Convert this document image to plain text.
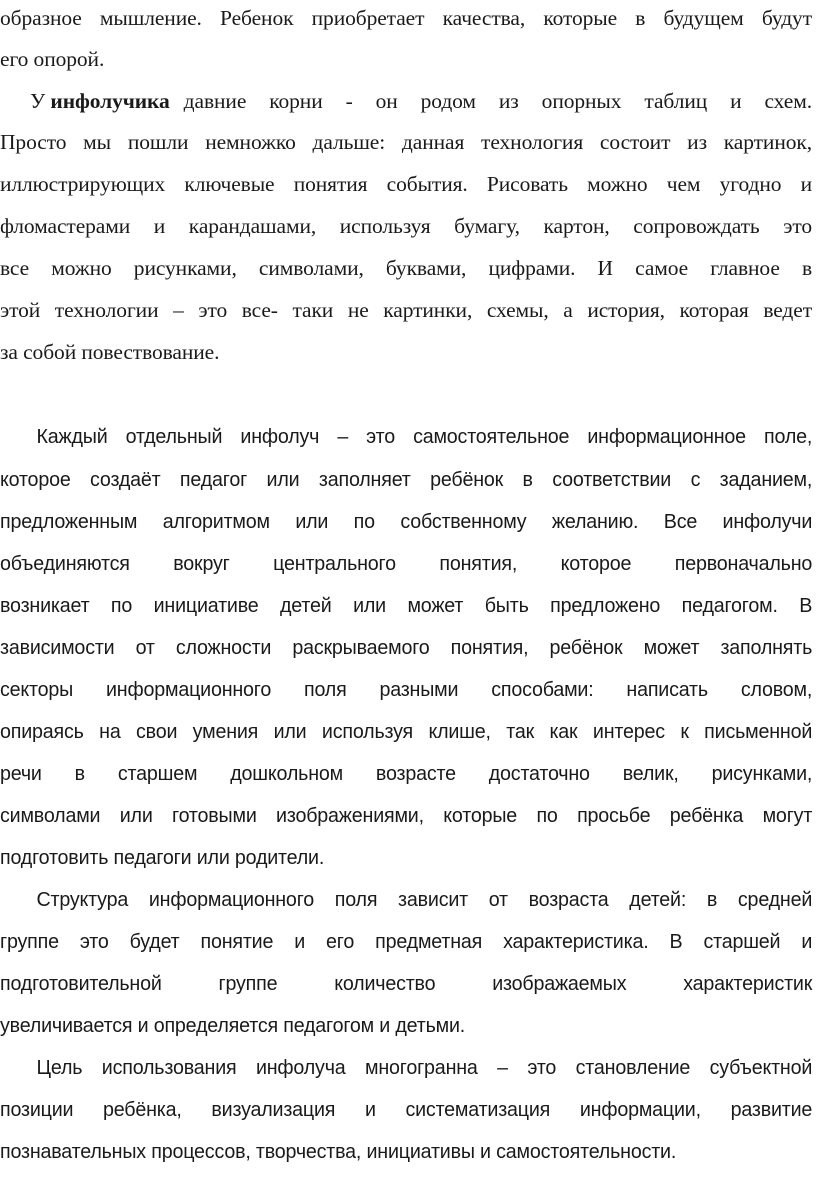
образное мышление. Ребенок приобретает качества, которые в будущем будут
его опорой.
У инфолучика давние корни - он родом из опорных таблиц и схем.
Просто мы пошли немножко дальше: данная технология состоит из картинок,
иллюстрирующих ключевые понятия события. Рисовать можно чем угодно и
фломастерами и карандашами, используя бумагу, картон, сопровождать это
все можно рисунками, символами, буквами, цифрами. И самое главное в
этой технологии – это все- таки не картинки, схемы, а история, которая ведет
за собой повествование.
Каждый отдельный инфолуч – это самостоятельное информационное поле,
которое создаёт педагог или заполняет ребёнок в соответствии с заданием,
предложенным алгоритмом или по собственному желанию. Все инфолучи
объединяются вокруг центрального понятия, которое первоначально
возникает по инициативе детей или может быть предложено педагогом. В
зависимости от сложности раскрываемого понятия, ребёнок может заполнять
секторы информационного поля разными способами: написать словом,
опираясь на свои умения или используя клише, так как интерес к письменной
речи в старшем дошкольном возрасте достаточно велик, рисунками,
символами или готовыми изображениями, которые по просьбе ребёнка могут
подготовить педагоги или родители.
Структура информационного поля зависит от возраста детей: в средней
группе это будет понятие и его предметная характеристика. В старшей и
подготовительной группе количество изображаемых характеристик
увеличивается и определяется педагогом и детьми.
Цель использования инфолуча многогранна – это становление субъектной
позиции ребёнка, визуализация и систематизация информации, развитие
познавательных процессов, творчества, инициативы и самостоятельности.
